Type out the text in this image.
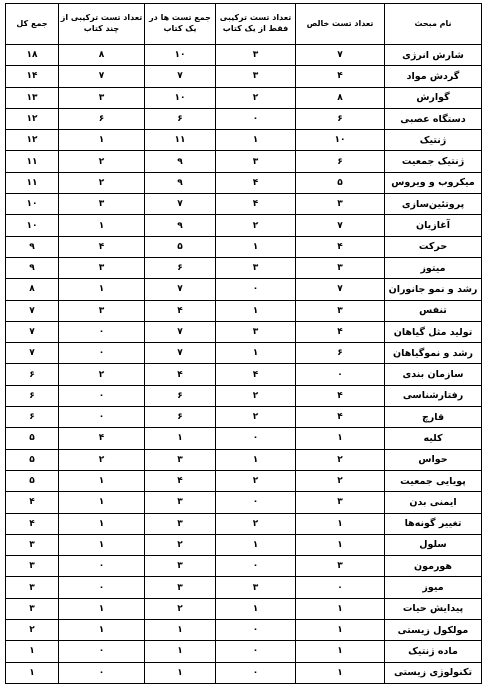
نام مبحث	تعداد تست خالص	تعداد تست ترکیبی فقط از یک کتاب	جمع تست ها در یک کتاب	تعداد تست ترکیبی از چند کتاب	جمع کل
شارش انرژی	۷	۳	۱۰	۸	۱۸
گردش مواد	۴	۳	۷	۷	۱۴
گوارش	۸	۲	۱۰	۳	۱۳
دستگاه عصبی	۶	۰	۶	۶	۱۲
ژنتیک	۱۰	۱	۱۱	۱	۱۲
ژنتیک جمعیت	۶	۳	۹	۲	۱۱
میکروب و ویروس	۵	۴	۹	۲	۱۱
پروتئین‌سازی	۳	۴	۷	۳	۱۰
آغازیان	۷	۲	۹	۱	۱۰
حرکت	۴	۱	۵	۴	۹
میتوز	۳	۳	۶	۳	۹
رشد و نمو جانوران	۷	۰	۷	۱	۸
تنفس	۳	۱	۴	۳	۷
تولید مثل گیاهان	۴	۳	۷	۰	۷
رشد و نموگیاهان	۶	۱	۷	۰	۷
سازمان بندی	۰	۴	۴	۲	۶
رفتارشناسی	۴	۲	۶	۰	۶
قارچ	۴	۲	۶	۰	۶
کلیه	۱	۰	۱	۴	۵
حواس	۲	۱	۳	۲	۵
پویایی جمعیت	۲	۲	۴	۱	۵
ایمنی بدن	۳	۰	۳	۱	۴
تغییر گونه‌ها	۱	۲	۳	۱	۴
سلول	۱	۱	۲	۱	۳
هورمون	۳	۰	۳	۰	۳
میوز	۰	۳	۳	۰	۳
پیدایش حیات	۱	۱	۲	۱	۳
مولکول زیستی	۱	۰	۱	۱	۲
ماده ژنتیک	۱	۰	۱	۰	۱
تکنولوژی زیستی	۱	۰	۱	۰	۱
